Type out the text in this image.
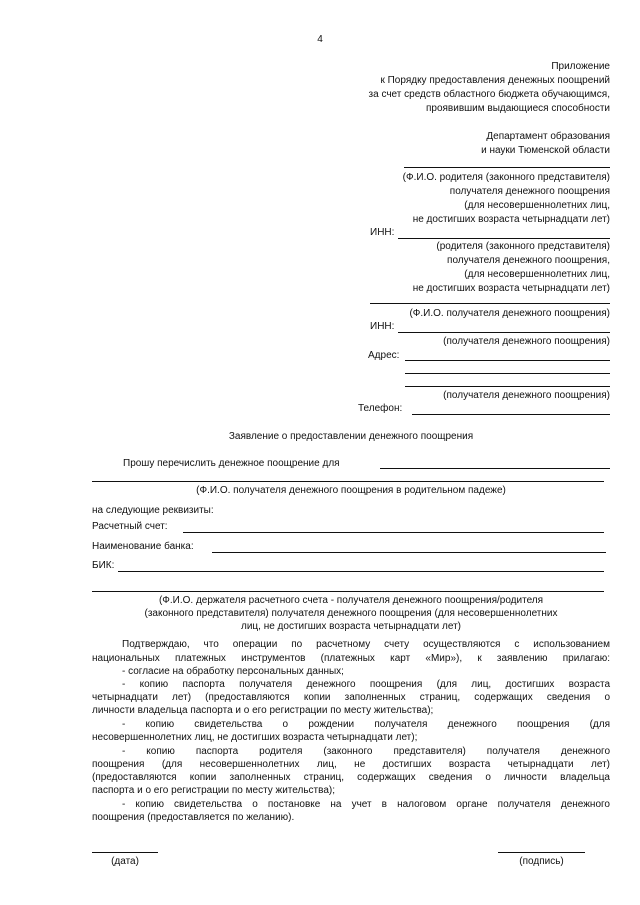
4
Приложение
к Порядку предоставления денежных поощрений
за счет средств областного бюджета обучающимся,
проявившим выдающиеся способности
Департамент образования
и науки Тюменской области
(Ф.И.О. родителя (законного представителя)
получателя денежного поощрения
(для несовершеннолетних лиц,
не достигших возраста четырнадцати лет)
ИНН:
(родителя (законного представителя)
получателя денежного поощрения,
(для несовершеннолетних лиц,
не достигших возраста четырнадцати лет)
(Ф.И.О. получателя денежного поощрения)
ИНН:
(получателя денежного поощрения)
Адрес:
(получателя денежного поощрения)
Телефон:
Заявление о предоставлении денежного поощрения
Прошу перечислить денежное поощрение для
(Ф.И.О. получателя денежного поощрения в родительном падеже)
на следующие реквизиты:
Расчетный счет:
Наименование банка:
БИК:
(Ф.И.О. держателя расчетного счета - получателя денежного поощрения/родителя
(законного представителя) получателя денежного поощрения (для несовершеннолетних
лиц, не достигших возраста четырнадцати лет)
Подтверждаю, что операции по расчетному счету осуществляются с использованием
национальных платежных инструментов (платежных карт «Мир»), к заявлению прилагаю:
- согласие на обработку персональных данных;
- копию паспорта получателя денежного поощрения (для лиц, достигших возраста
четырнадцати лет) (предоставляются копии заполненных страниц, содержащих сведения о
личности владельца паспорта и о его регистрации по месту жительства);
- копию свидетельства о рождении получателя денежного поощрения (для
несовершеннолетних лиц, не достигших возраста четырнадцати лет);
- копию паспорта родителя (законного представителя) получателя денежного
поощрения (для несовершеннолетних лиц, не достигших возраста четырнадцати лет)
(предоставляются копии заполненных страниц, содержащих сведения о личности владельца
паспорта и о его регистрации по месту жительства);
- копию свидетельства о постановке на учет в налоговом органе получателя денежного
поощрения (предоставляется по желанию).
(дата)	(подпись)
